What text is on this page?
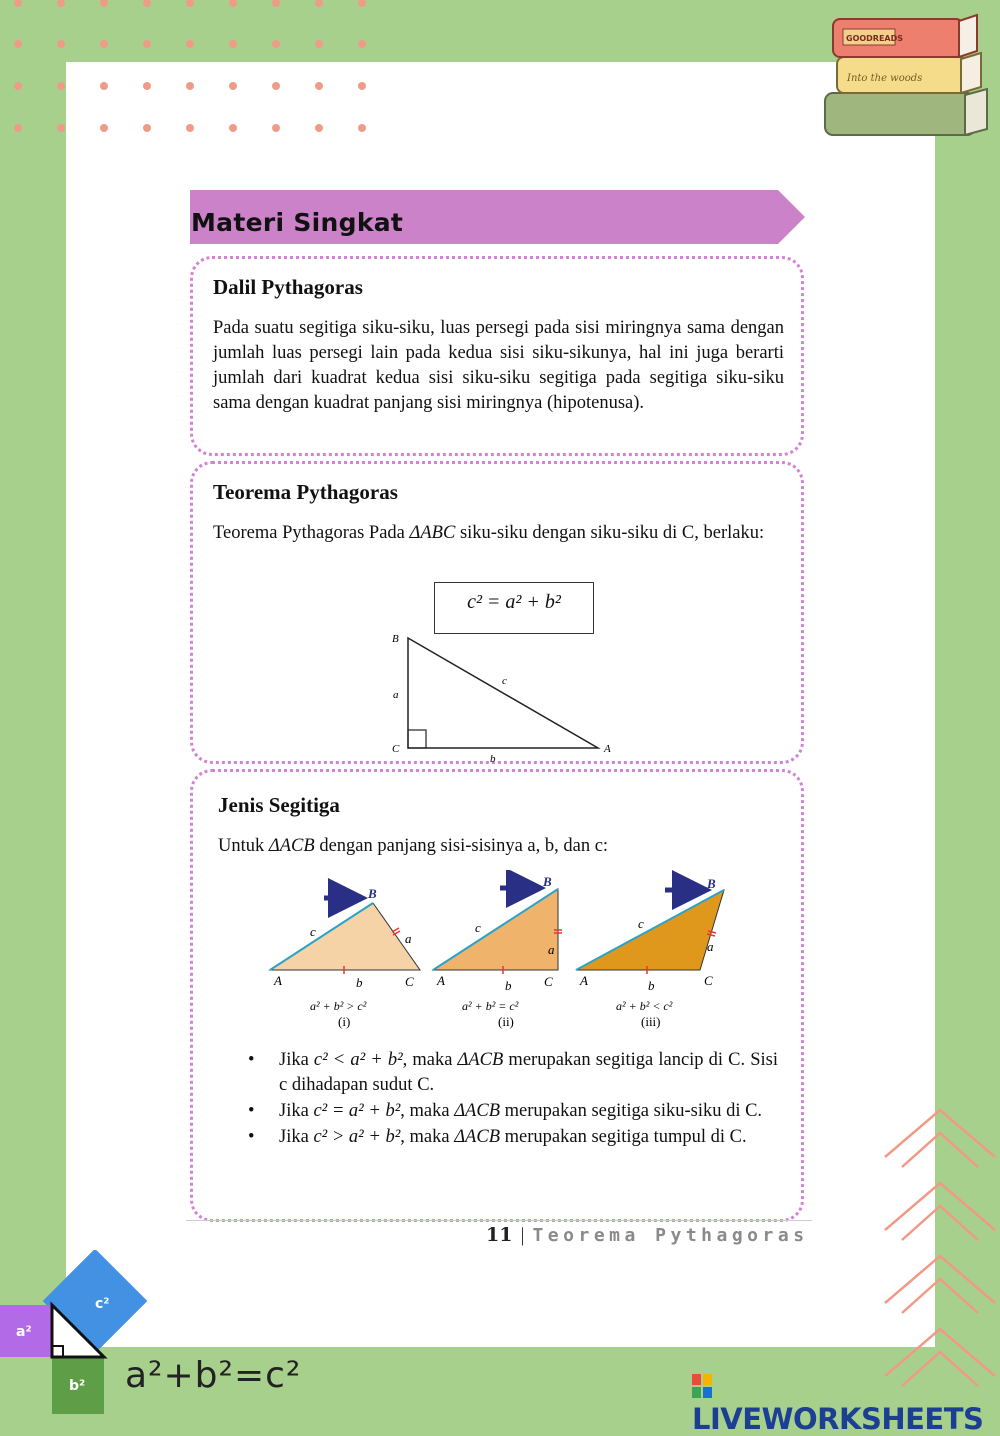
Into the woods
GOODREADS
Materi Singkat
Dalil Pythagoras
Pada suatu segitiga siku-siku, luas persegi pada sisi miringnya sama dengan jumlah luas persegi lain pada kedua sisi siku-sikunya, hal ini juga berarti jumlah dari kuadrat kedua sisi siku-siku segitiga pada segitiga siku-siku sama dengan kuadrat panjang sisi miringnya (hipotenusa).
Teorema Pythagoras
Teorema Pythagoras Pada ΔABC siku-siku dengan siku-siku di C, berlaku:
c² = a² + b²
B
C	A
a
b
c
Jenis Segitiga
Untuk ΔACB dengan panjang sisi-sisinya a, b, dan c:
B
c	a
A	C
b
a² + b² > c²
(i)
B
c
a
A	C
b
a² + b² = c²
(ii)
B
c
a
A	C
b
a² + b² < c²
(iii)
• Jika c² < a² + b², maka ΔACB merupakan segitiga lancip di C. Sisi c dihadapan sudut C.
• Jika c² = a² + b², maka ΔACB merupakan segitiga siku-siku di C.
• Jika c² > a² + b², maka ΔACB merupakan segitiga tumpul di C.
11 | Teorema Pythagoras
c²
a²
b² a²+b²=c²
LIVEWORKSHEETS
